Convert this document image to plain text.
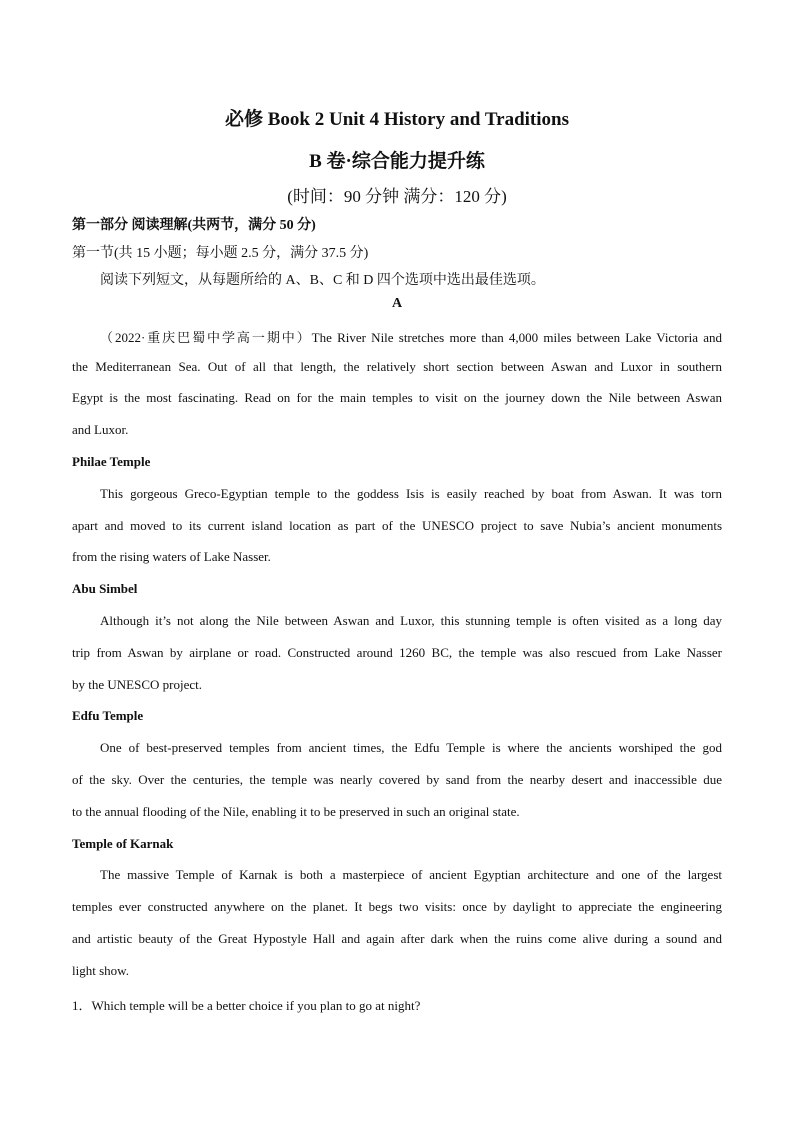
必修 Book 2 Unit 4 History and Traditions
B 卷·综合能力提升练
(时间：90 分钟 满分：120 分)
第一部分 阅读理解(共两节，满分 50 分)
第一节(共 15 小题；每小题 2.5 分，满分 37.5 分)
阅读下列短文，从每题所给的 A、B、C 和 D 四个选项中选出最佳选项。
A
（2022·重庆巴蜀中学高一期中）The River Nile stretches more than 4,000 miles between Lake Victoria and
the Mediterranean Sea. Out of all that length, the relatively short section between Aswan and Luxor in southern
Egypt is the most fascinating. Read on for the main temples to visit on the journey down the Nile between Aswan
and Luxor.
Philae Temple
This gorgeous Greco-Egyptian temple to the goddess Isis is easily reached by boat from Aswan. It was torn
apart and moved to its current island location as part of the UNESCO project to save Nubia’s ancient monuments
from the rising waters of Lake Nasser.
Abu Simbel
Although it’s not along the Nile between Aswan and Luxor, this stunning temple is often visited as a long day
trip from Aswan by airplane or road. Constructed around 1260 BC, the temple was also rescued from Lake Nasser
by the UNESCO project.
Edfu Temple
One of best-preserved temples from ancient times, the Edfu Temple is where the ancients worshiped the god
of the sky. Over the centuries, the temple was nearly covered by sand from the nearby desert and inaccessible due
to the annual flooding of the Nile, enabling it to be preserved in such an original state.
Temple of Karnak
The massive Temple of Karnak is both a masterpiece of ancient Egyptian architecture and one of the largest
temples ever constructed anywhere on the planet. It begs two visits: once by daylight to appreciate the engineering
and artistic beauty of the Great Hypostyle Hall and again after dark when the ruins come alive during a sound and
light show.
1．Which temple will be a better choice if you plan to go at night?
